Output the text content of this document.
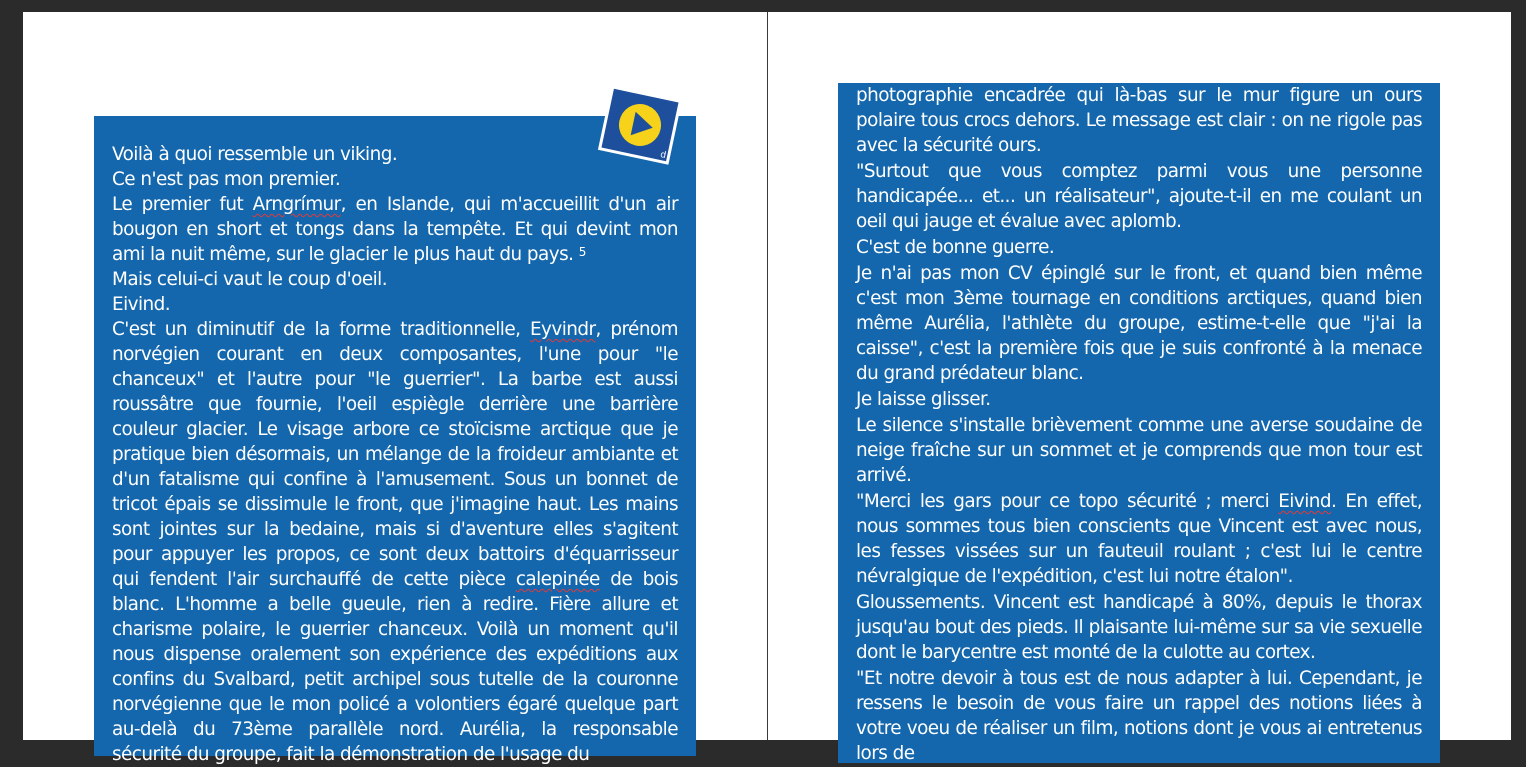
Voilà à quoi ressemble un viking.

Ce n'est pas mon premier.

Le premier fut Arngrímur, en Islande, qui m'accueillit d'un air bougon en short et tongs dans la tempête. Et qui devint mon ami la nuit même, sur le glacier le plus haut du pays. $^5$

Mais celui-ci vaut le coup d'oeil.

Eivind.

C'est un diminutif de la forme traditionnelle, Eyvindr, prénom norvégien courant en deux composantes, l'une pour "le chanceux" et l'autre pour "le guerrier". La barbe est aussi roussâtre que fournie, l'oeil espiègle derrière une barrière couleur glacier. Le visage arbore ce stoïcisme arctique que je pratique bien désormais, un mélange de la froideur ambiante et d'un fatalisme qui confine à l'amusement. Sous un bonnet de tricot épais se dissimule le front, que j'imagine haut. Les mains sont jointes sur la bedaine, mais si d'aventure elles s'agitent pour appuyer les propos, ce sont deux battoirs d'équarrisseur qui fendent l'air surchauffé de cette pièce calepinée de bois blanc. L'homme a belle gueule, rien à redire. Fière allure et charisme polaire, le guerrier chanceux. Voilà un moment qu'il nous dispense oralement son expérience des expéditions aux confins du Svalbard, petit archipel sous tutelle de la couronne norvégienne que le mon policé a volontiers égaré quelque part au-delà du 73ème parallèle nord. Aurélia, la responsable sécurité du groupe, fait la démonstration de l'usage du

d

photographie encadrée qui là-bas sur le mur figure un ours polaire tous crocs dehors. Le message est clair : on ne rigole pas avec la sécurité ours.

"Surtout que vous comptez parmi vous une personne handicapée... et... un réalisateur", ajoute-t-il en me coulant un oeil qui jauge et évalue avec aplomb.

C'est de bonne guerre.

Je n'ai pas mon CV épinglé sur le front, et quand bien même c'est mon 3ème tournage en conditions arctiques, quand bien même Aurélia, l'athlète du groupe, estime-t-elle que "j'ai la caisse", c'est la première fois que je suis confronté à la menace du grand prédateur blanc.

Je laisse glisser.

Le silence s'installe brièvement comme une averse soudaine de neige fraîche sur un sommet et je comprends que mon tour est arrivé.

"Merci les gars pour ce topo sécurité ; merci Eivind. En effet, nous sommes tous bien conscients que Vincent est avec nous, les fesses vissées sur un fauteuil roulant ; c'est lui le centre névralgique de l'expédition, c'est lui notre étalon".

Gloussements. Vincent est handicapé à 80%, depuis le thorax jusqu'au bout des pieds. Il plaisante lui-même sur sa vie sexuelle dont le barycentre est monté de la culotte au cortex.

"Et notre devoir à tous est de nous adapter à lui. Cependant, je ressens le besoin de vous faire un rappel des notions liées à votre voeu de réaliser un film, notions dont je vous ai entretenus lors de
